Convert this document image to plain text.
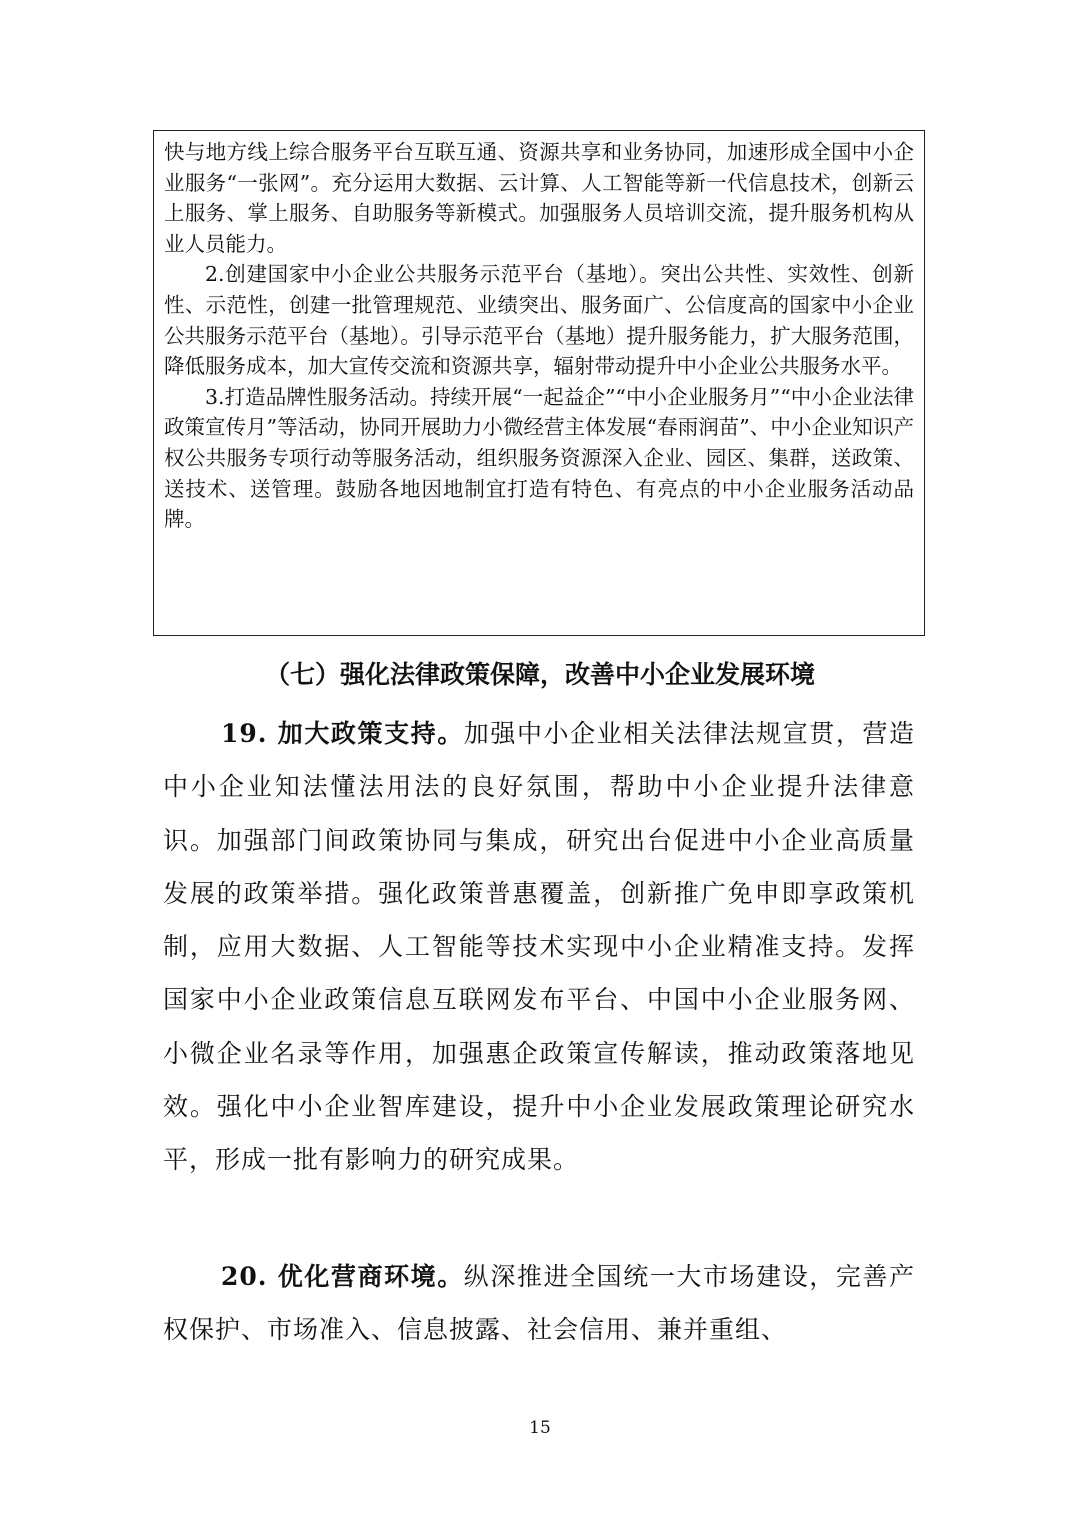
快与地方线上综合服务平台互联互通、资源共享和业务协同，加速形成全国中小企业服务“一张网”。充分运用大数据、云计算、人工智能等新一代信息技术，创新云上服务、掌上服务、自助服务等新模式。加强服务人员培训交流，提升服务机构从业人员能力。

2.创建国家中小企业公共服务示范平台（基地）。突出公共性、实效性、创新性、示范性，创建一批管理规范、业绩突出、服务面广、公信度高的国家中小企业公共服务示范平台（基地）。引导示范平台（基地）提升服务能力，扩大服务范围，降低服务成本，加大宣传交流和资源共享，辐射带动提升中小企业公共服务水平。

3.打造品牌性服务活动。持续开展“一起益企”“中小企业服务月”“中小企业法律政策宣传月”等活动，协同开展助力小微经营主体发展“春雨润苗”、中小企业知识产权公共服务专项行动等服务活动，组织服务资源深入企业、园区、集群，送政策、送技术、送管理。鼓励各地因地制宜打造有特色、有亮点的中小企业服务活动品牌。

（七）强化法律政策保障，改善中小企业发展环境

19. 加大政策支持。加强中小企业相关法律法规宣贯，营造中小企业知法懂法用法的良好氛围，帮助中小企业提升法律意识。加强部门间政策协同与集成，研究出台促进中小企业高质量发展的政策举措。强化政策普惠覆盖，创新推广免申即享政策机制，应用大数据、人工智能等技术实现中小企业精准支持。发挥国家中小企业政策信息互联网发布平台、中国中小企业服务网、小微企业名录等作用，加强惠企政策宣传解读，推动政策落地见效。强化中小企业智库建设，提升中小企业发展政策理论研究水平，形成一批有影响力的研究成果。

20. 优化营商环境。纵深推进全国统一大市场建设，完善产权保护、市场准入、信息披露、社会信用、兼并重组、

15
